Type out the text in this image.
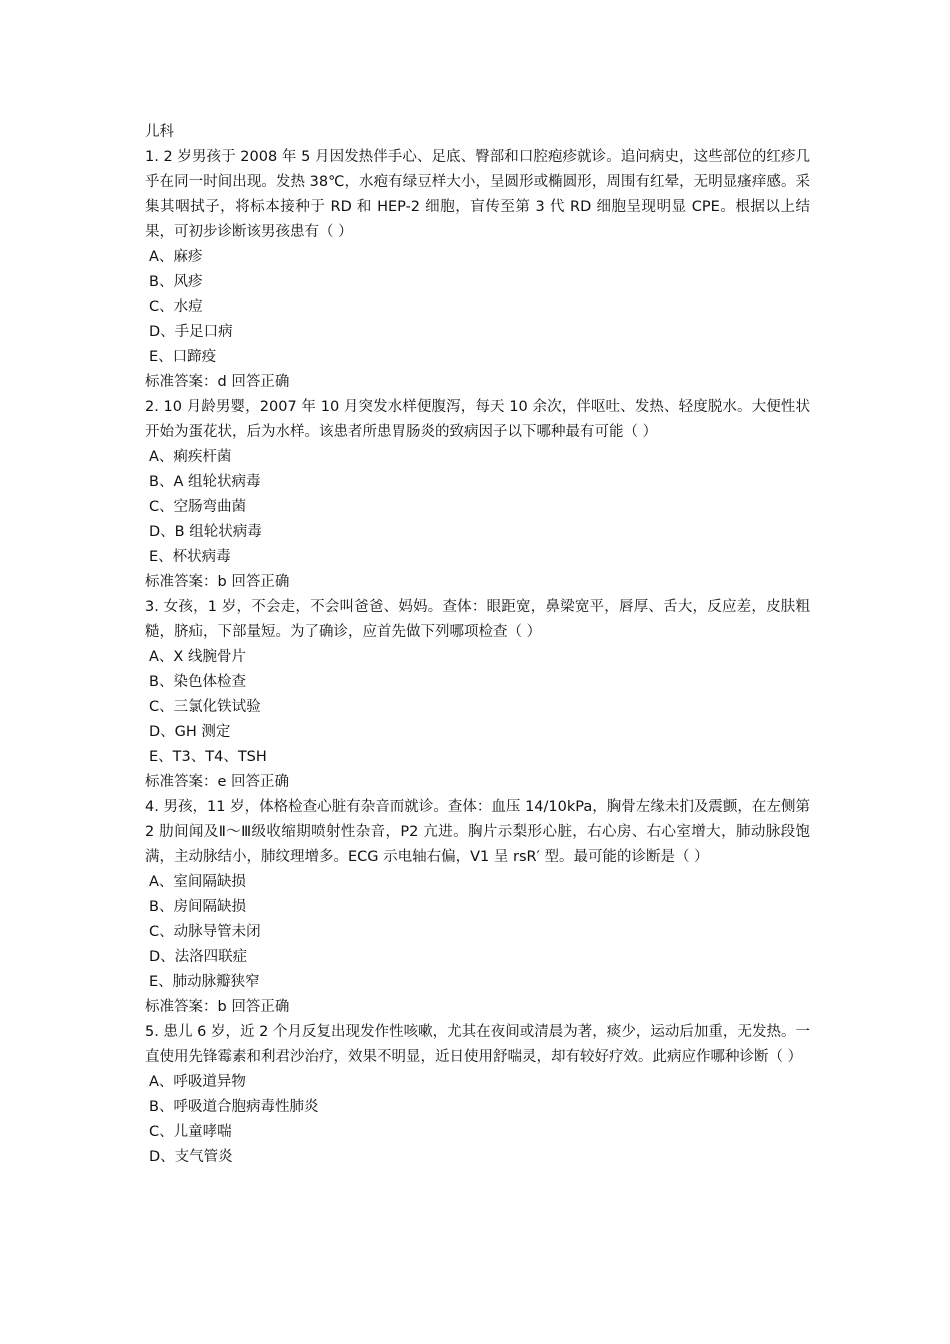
儿科

1. 2 岁男孩于 2008 年 5 月因发热伴手心、足底、臀部和口腔疱疹就诊。追问病史，这些部位的红疹几乎在同一时间出现。发热 38℃，水疱有绿豆样大小，呈圆形或椭圆形，周围有红晕，无明显瘙痒感。采集其咽拭子，将标本接种于 RD 和 HEP-2 细胞，盲传至第 3 代 RD 细胞呈现明显 CPE。根据以上结果，可初步诊断该男孩患有（ ）

A、麻疹

B、风疹

C、水痘

D、手足口病

E、口蹄疫

标准答案：d 回答正确

2. 10 月龄男婴，2007 年 10 月突发水样便腹泻，每天 10 余次，伴呕吐、发热、轻度脱水。大便性状开始为蛋花状，后为水样。该患者所患胃肠炎的致病因子以下哪种最有可能（ ）

A、痢疾杆菌

B、A 组轮状病毒

C、空肠弯曲菌

D、B 组轮状病毒

E、杯状病毒

标准答案：b 回答正确

3. 女孩，1 岁，不会走，不会叫爸爸、妈妈。查体：眼距宽，鼻梁宽平，唇厚、舌大，反应差，皮肤粗糙，脐疝，下部量短。为了确诊，应首先做下列哪项检查（ ）

A、X 线腕骨片

B、染色体检查

C、三氯化铁试验

D、GH 测定

E、T3、T4、TSH

标准答案：e 回答正确

4. 男孩，11 岁，体格检查心脏有杂音而就诊。查体：血压 14/10kPa，胸骨左缘未扪及震颤，在左侧第 2 肋间闻及Ⅱ～Ⅲ级收缩期喷射性杂音，P2 亢进。胸片示梨形心脏，右心房、右心室增大，肺动脉段饱满，主动脉结小，肺纹理增多。ECG 示电轴右偏，V1 呈 rsR′ 型。最可能的诊断是（ ）

A、室间隔缺损

B、房间隔缺损

C、动脉导管未闭

D、法洛四联症

E、肺动脉瓣狭窄

标准答案：b 回答正确

5. 患儿 6 岁，近 2 个月反复出现发作性咳嗽，尤其在夜间或清晨为著，痰少，运动后加重，无发热。一直使用先锋霉素和利君沙治疗，效果不明显，近日使用舒喘灵，却有较好疗效。此病应作哪种诊断（ ）

A、呼吸道异物

B、呼吸道合胞病毒性肺炎

C、儿童哮喘

D、支气管炎
